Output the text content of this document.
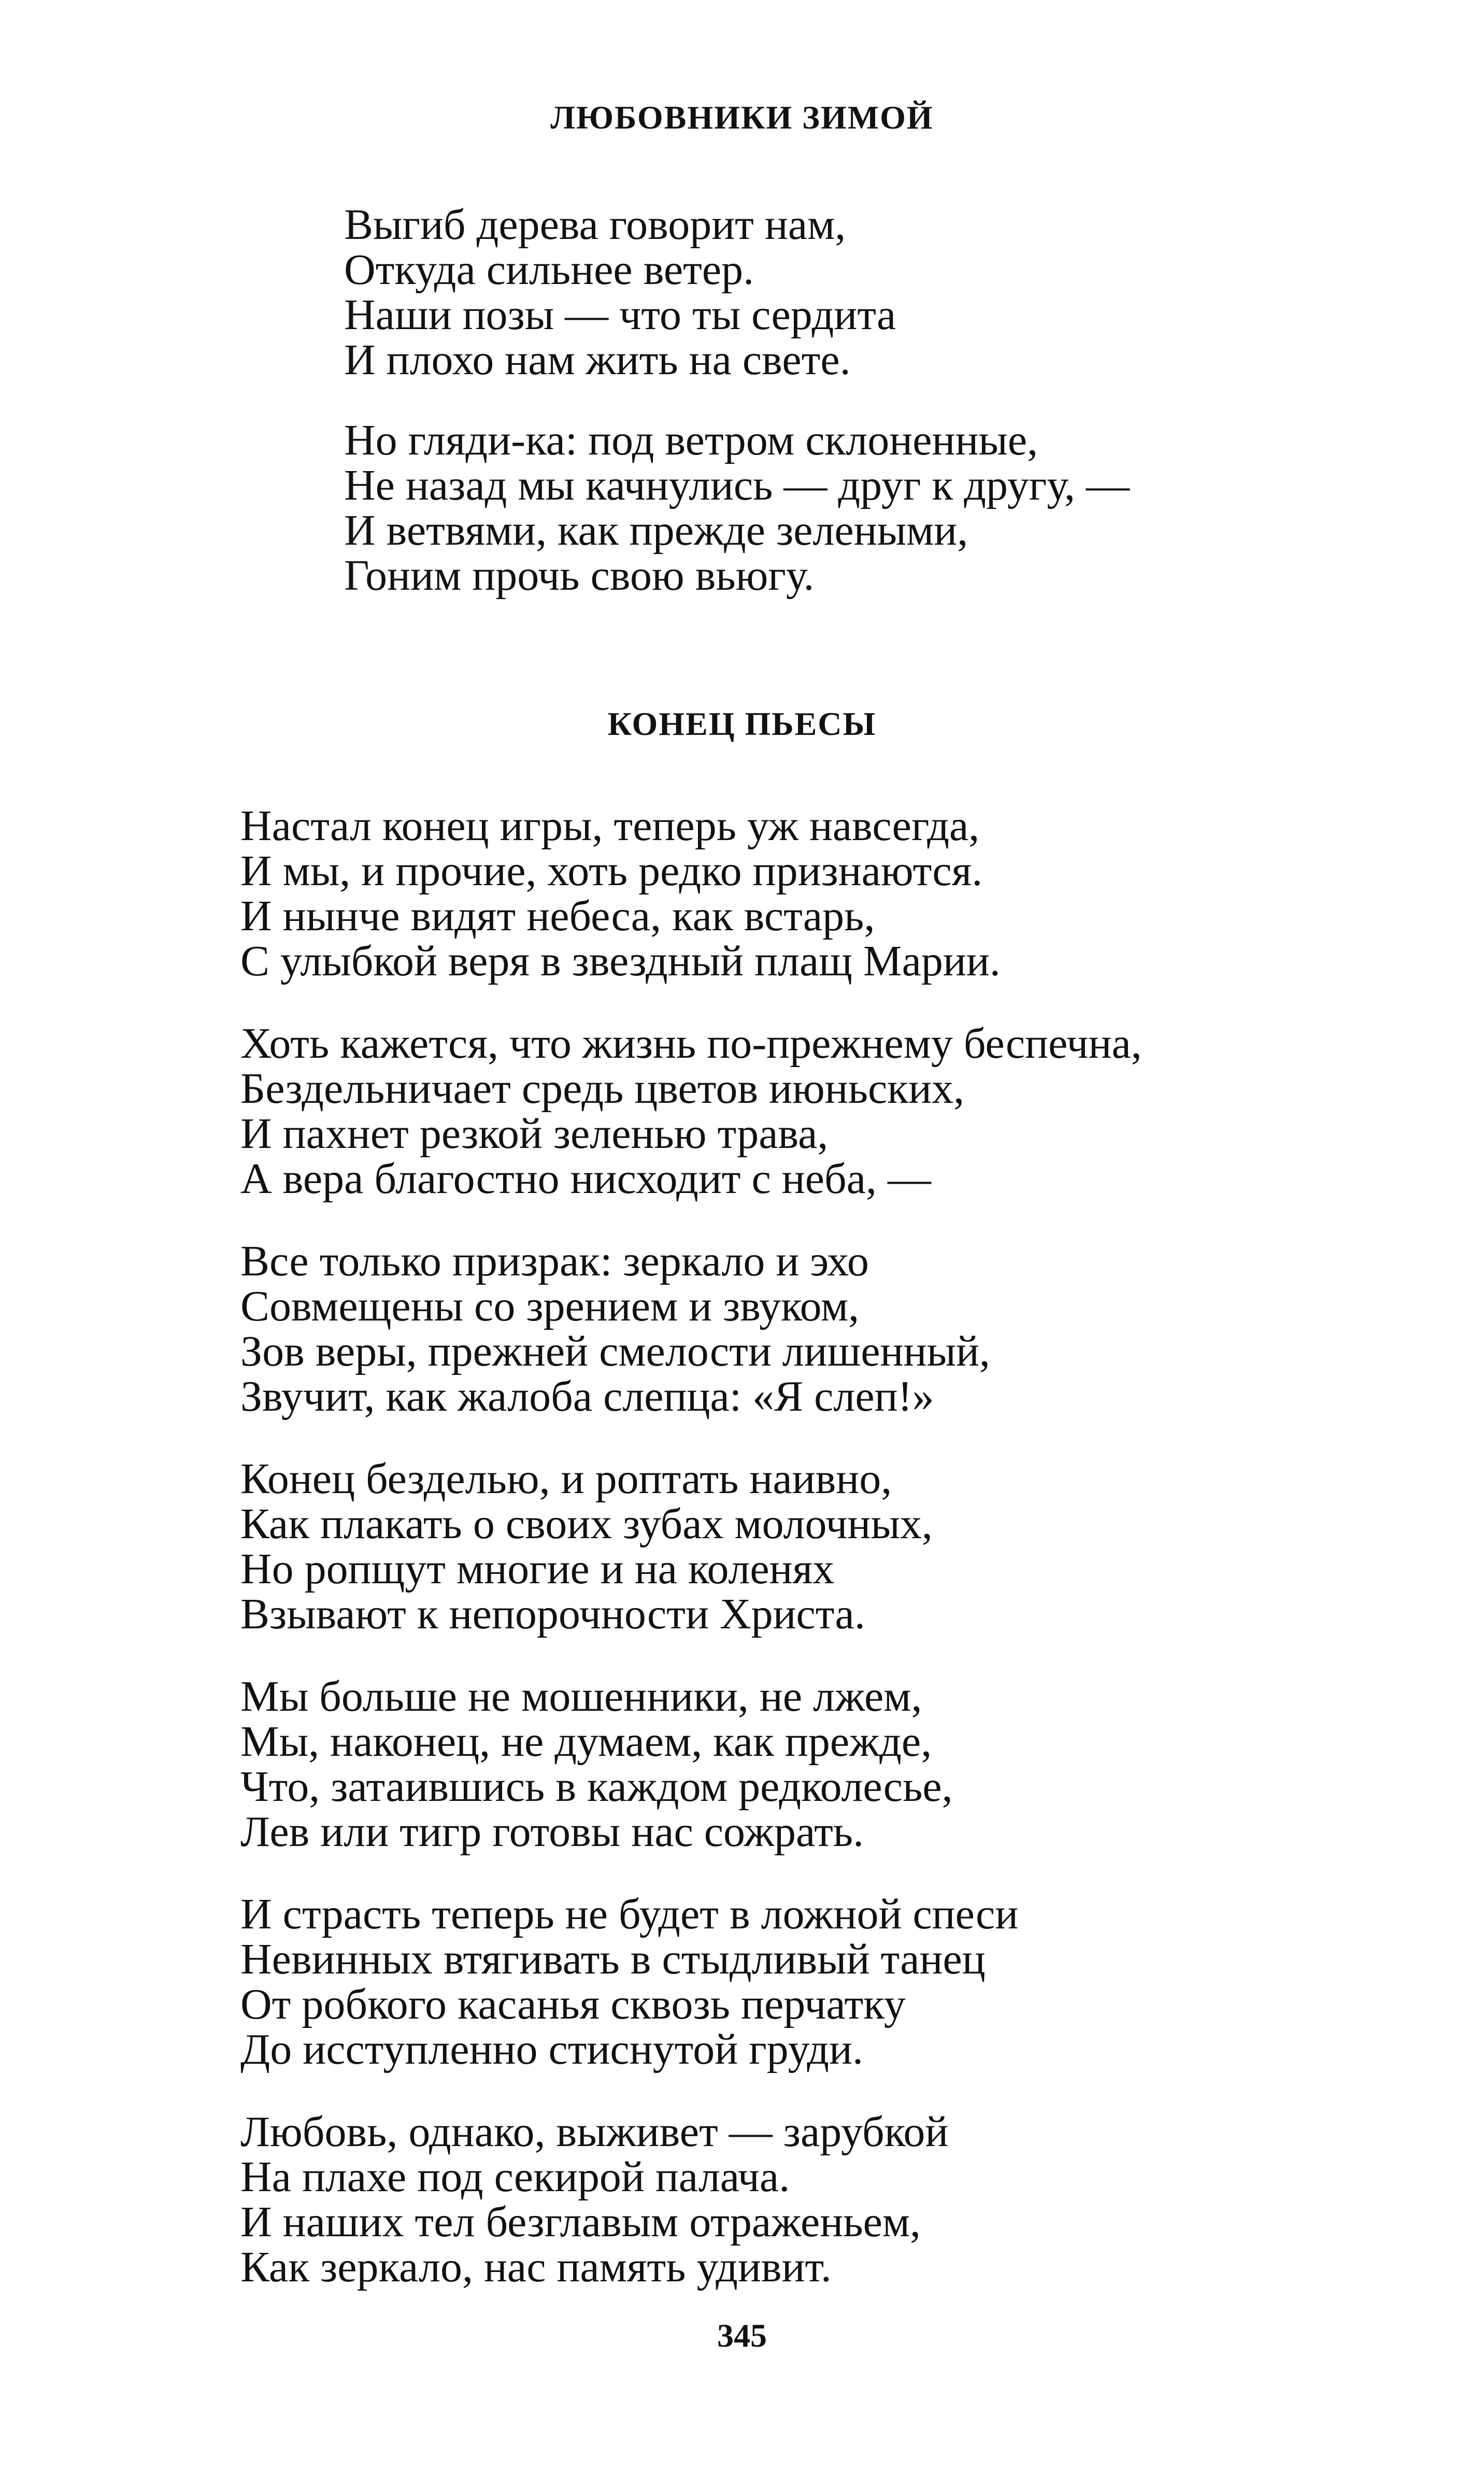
ЛЮБОВНИКИ ЗИМОЙ
Выгиб дерева говорит нам,
Откуда сильнее ветер.
Наши позы — что ты сердита
И плохо нам жить на свете.
Но гляди-ка: под ветром склоненные,
Не назад мы качнулись — друг к другу, —
И ветвями, как прежде зелеными,
Гоним прочь свою вьюгу.
КОНЕЦ ПЬЕСЫ
Настал конец игры, теперь уж навсегда,
И мы, и прочие, хоть редко признаются.
И нынче видят небеса, как встарь,
С улыбкой веря в звездный плащ Марии.
Хоть кажется, что жизнь по-прежнему беспечна,
Бездельничает средь цветов июньских,
И пахнет резкой зеленью трава,
А вера благостно нисходит с неба, —
Все только призрак: зеркало и эхо
Совмещены со зрением и звуком,
Зов веры, прежней смелости лишенный,
Звучит, как жалоба слепца: «Я слеп!»
Конец безделью, и роптать наивно,
Как плакать о своих зубах молочных,
Но ропщут многие и на коленях
Взывают к непорочности Христа.
Мы больше не мошенники, не лжем,
Мы, наконец, не думаем, как прежде,
Что, затаившись в каждом редколесье,
Лев или тигр готовы нас сожрать.
И страсть теперь не будет в ложной спеси
Невинных втягивать в стыдливый танец
От робкого касанья сквозь перчатку
До исступленно стиснутой груди.
Любовь, однако, выживет — зарубкой
На плахе под секирой палача.
И наших тел безглавым отраженьем,
Как зеркало, нас память удивит.
345
